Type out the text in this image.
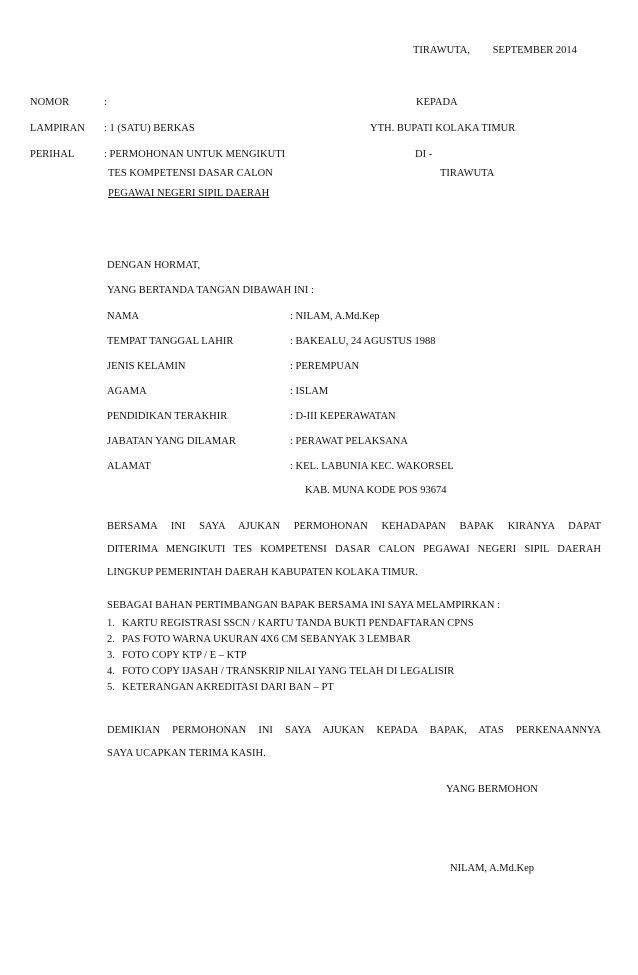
TIRAWUTA, SEPTEMBER 2014
NOMOR	:
LAMPIRAN : 1 (SATU) BERKAS
PERIHAL	: PERMOHONAN UNTUK MENGIKUTI
TES KOMPETENSI DASAR CALON
PEGAWAI NEGERI SIPIL DAERAH
KEPADA
YTH. BUPATI KOLAKA TIMUR
DI -
TIRAWUTA
DENGAN HORMAT,
YANG BERTANDA TANGAN DIBAWAH INI :
NAMA	: NILAM, A.Md.Kep
TEMPAT TANGGAL LAHIR	: BAKEALU, 24 AGUSTUS 1988
JENIS KELAMIN	: PEREMPUAN
AGAMA	: ISLAM
PENDIDIKAN TERAKHIR	: D-III KEPERAWATAN
JABATAN YANG DILAMAR	: PERAWAT PELAKSANA
ALAMAT	: KEL. LABUNIA KEC. WAKORSEL
KAB. MUNA KODE POS 93674
BERSAMA INI SAYA AJUKAN PERMOHONAN KEHADAPAN BAPAK KIRANYA DAPAT
DITERIMA MENGIKUTI TES KOMPETENSI DASAR CALON PEGAWAI NEGERI SIPIL DAERAH
LINGKUP PEMERINTAH DAERAH KABUPATEN KOLAKA TIMUR.
SEBAGAI BAHAN PERTIMBANGAN BAPAK BERSAMA INI SAYA MELAMPIRKAN :
1. KARTU REGISTRASI SSCN / KARTU TANDA BUKTI PENDAFTARAN CPNS
2. PAS FOTO WARNA UKURAN 4X6 CM SEBANYAK 3 LEMBAR
3. FOTO COPY KTP / E – KTP
4. FOTO COPY IJASAH / TRANSKRIP NILAI YANG TELAH DI LEGALISIR
5. KETERANGAN AKREDITASI DARI BAN – PT
DEMIKIAN PERMOHONAN INI SAYA AJUKAN KEPADA BAPAK, ATAS PERKENAANNYA
SAYA UCAPKAN TERIMA KASIH.
YANG BERMOHON
NILAM, A.Md.Kep
